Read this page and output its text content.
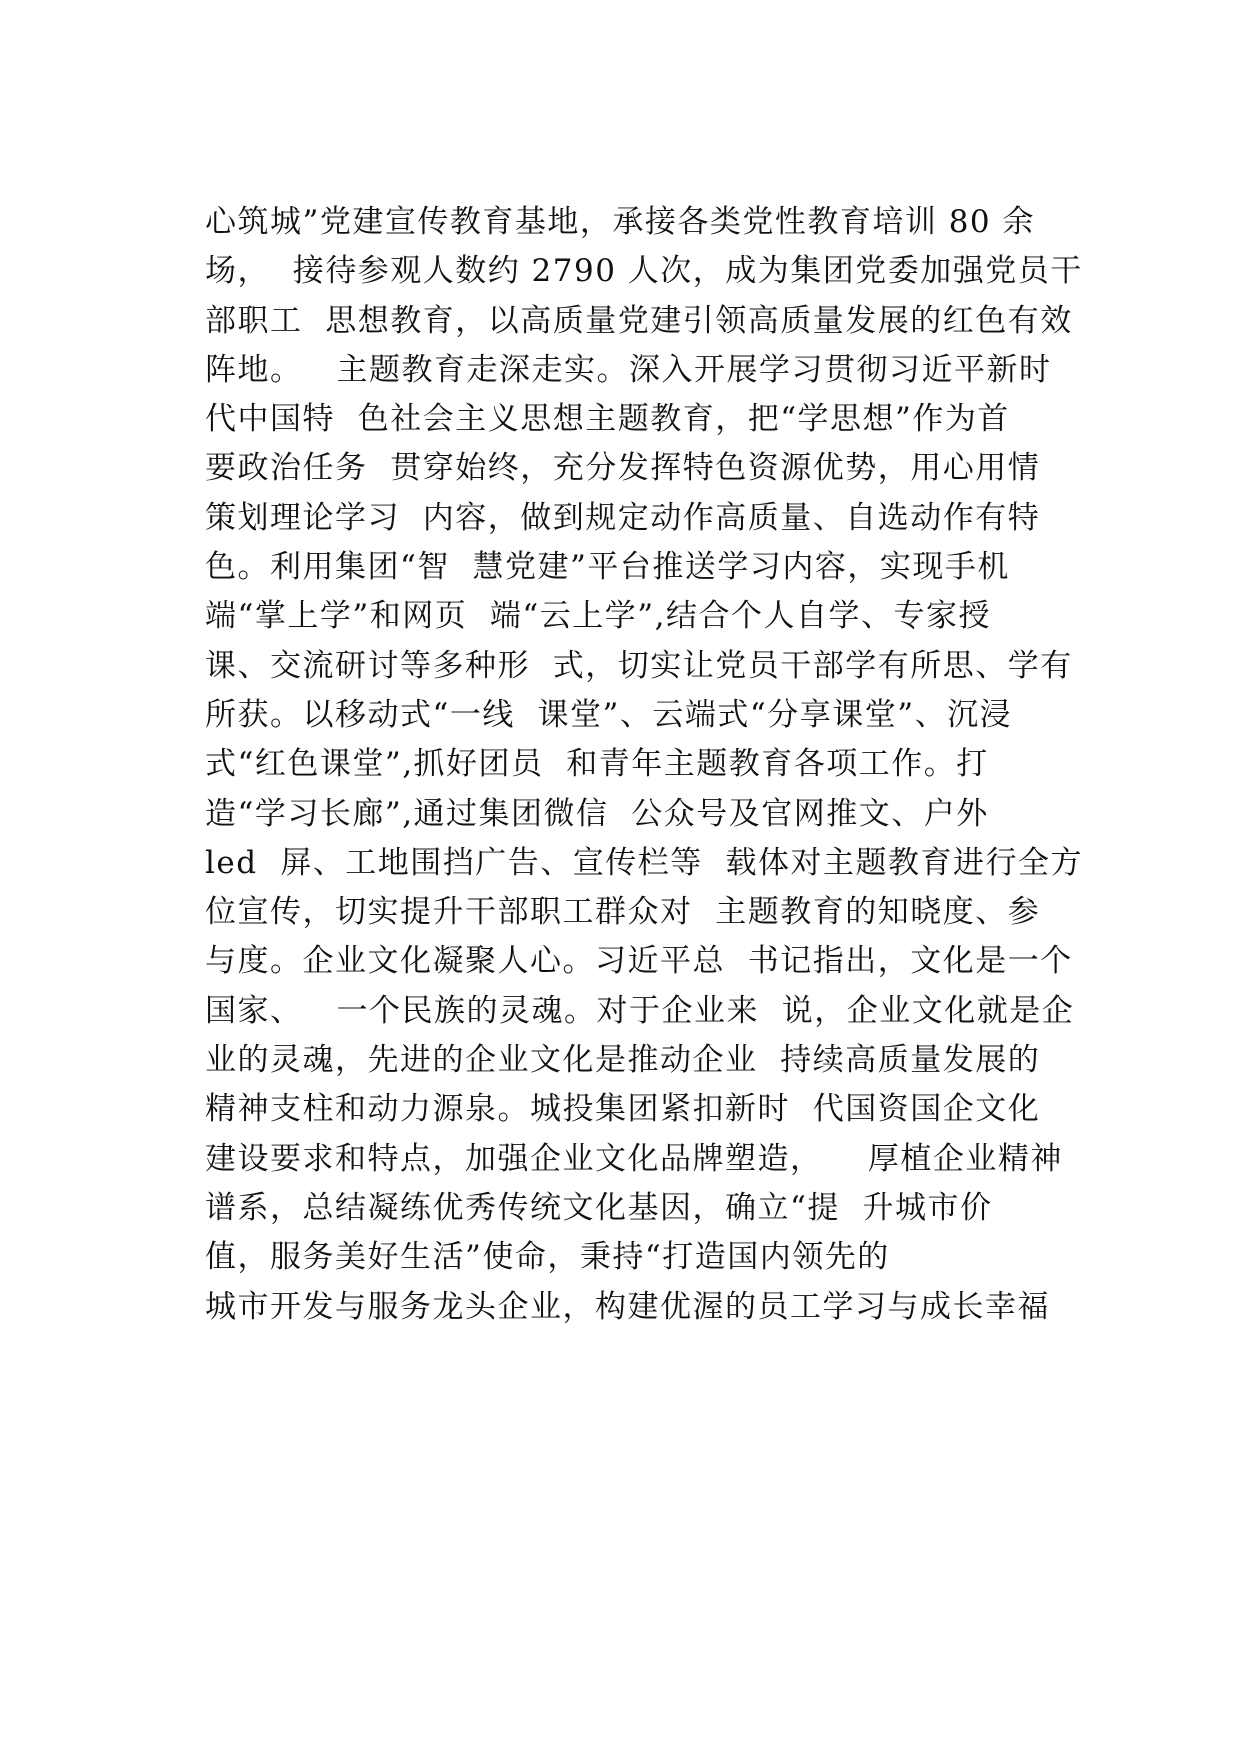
心筑城”党建宣传教育基地，承接各类党性教育培训 80 余
场，  接待参观人数约 2790 人次，成为集团党委加强党员干
部职工  思想教育，以高质量党建引领高质量发展的红色有效
阵地。   主题教育走深走实。深入开展学习贯彻习近平新时
代中国特  色社会主义思想主题教育，把“学思想”作为首
要政治任务  贯穿始终，充分发挥特色资源优势，用心用情
策划理论学习  内容，做到规定动作高质量、自选动作有特
色。利用集团“智  慧党建”平台推送学习内容，实现手机
端“掌上学”和网页  端“云上学”,结合个人自学、专家授
课、交流研讨等多种形  式，切实让党员干部学有所思、学有
所获。以移动式“一线  课堂”、云端式“分享课堂”、沉浸
式“红色课堂”,抓好团员  和青年主题教育各项工作。打
造“学习长廊”,通过集团微信  公众号及官网推文、户外
led  屏、工地围挡广告、宣传栏等  载体对主题教育进行全方
位宣传，切实提升干部职工群众对  主题教育的知晓度、参
与度。企业文化凝聚人心。习近平总  书记指出，文化是一个
国家、   一个民族的灵魂。对于企业来  说，企业文化就是企
业的灵魂，先进的企业文化是推动企业  持续高质量发展的
精神支柱和动力源泉。城投集团紧扣新时  代国资国企文化
建设要求和特点，加强企业文化品牌塑造，    厚植企业精神
谱系，总结凝练优秀传统文化基因，确立“提  升城市价
值，服务美好生活”使命，秉持“打造国内领先的
城市开发与服务龙头企业，构建优渥的员工学习与成长幸福
